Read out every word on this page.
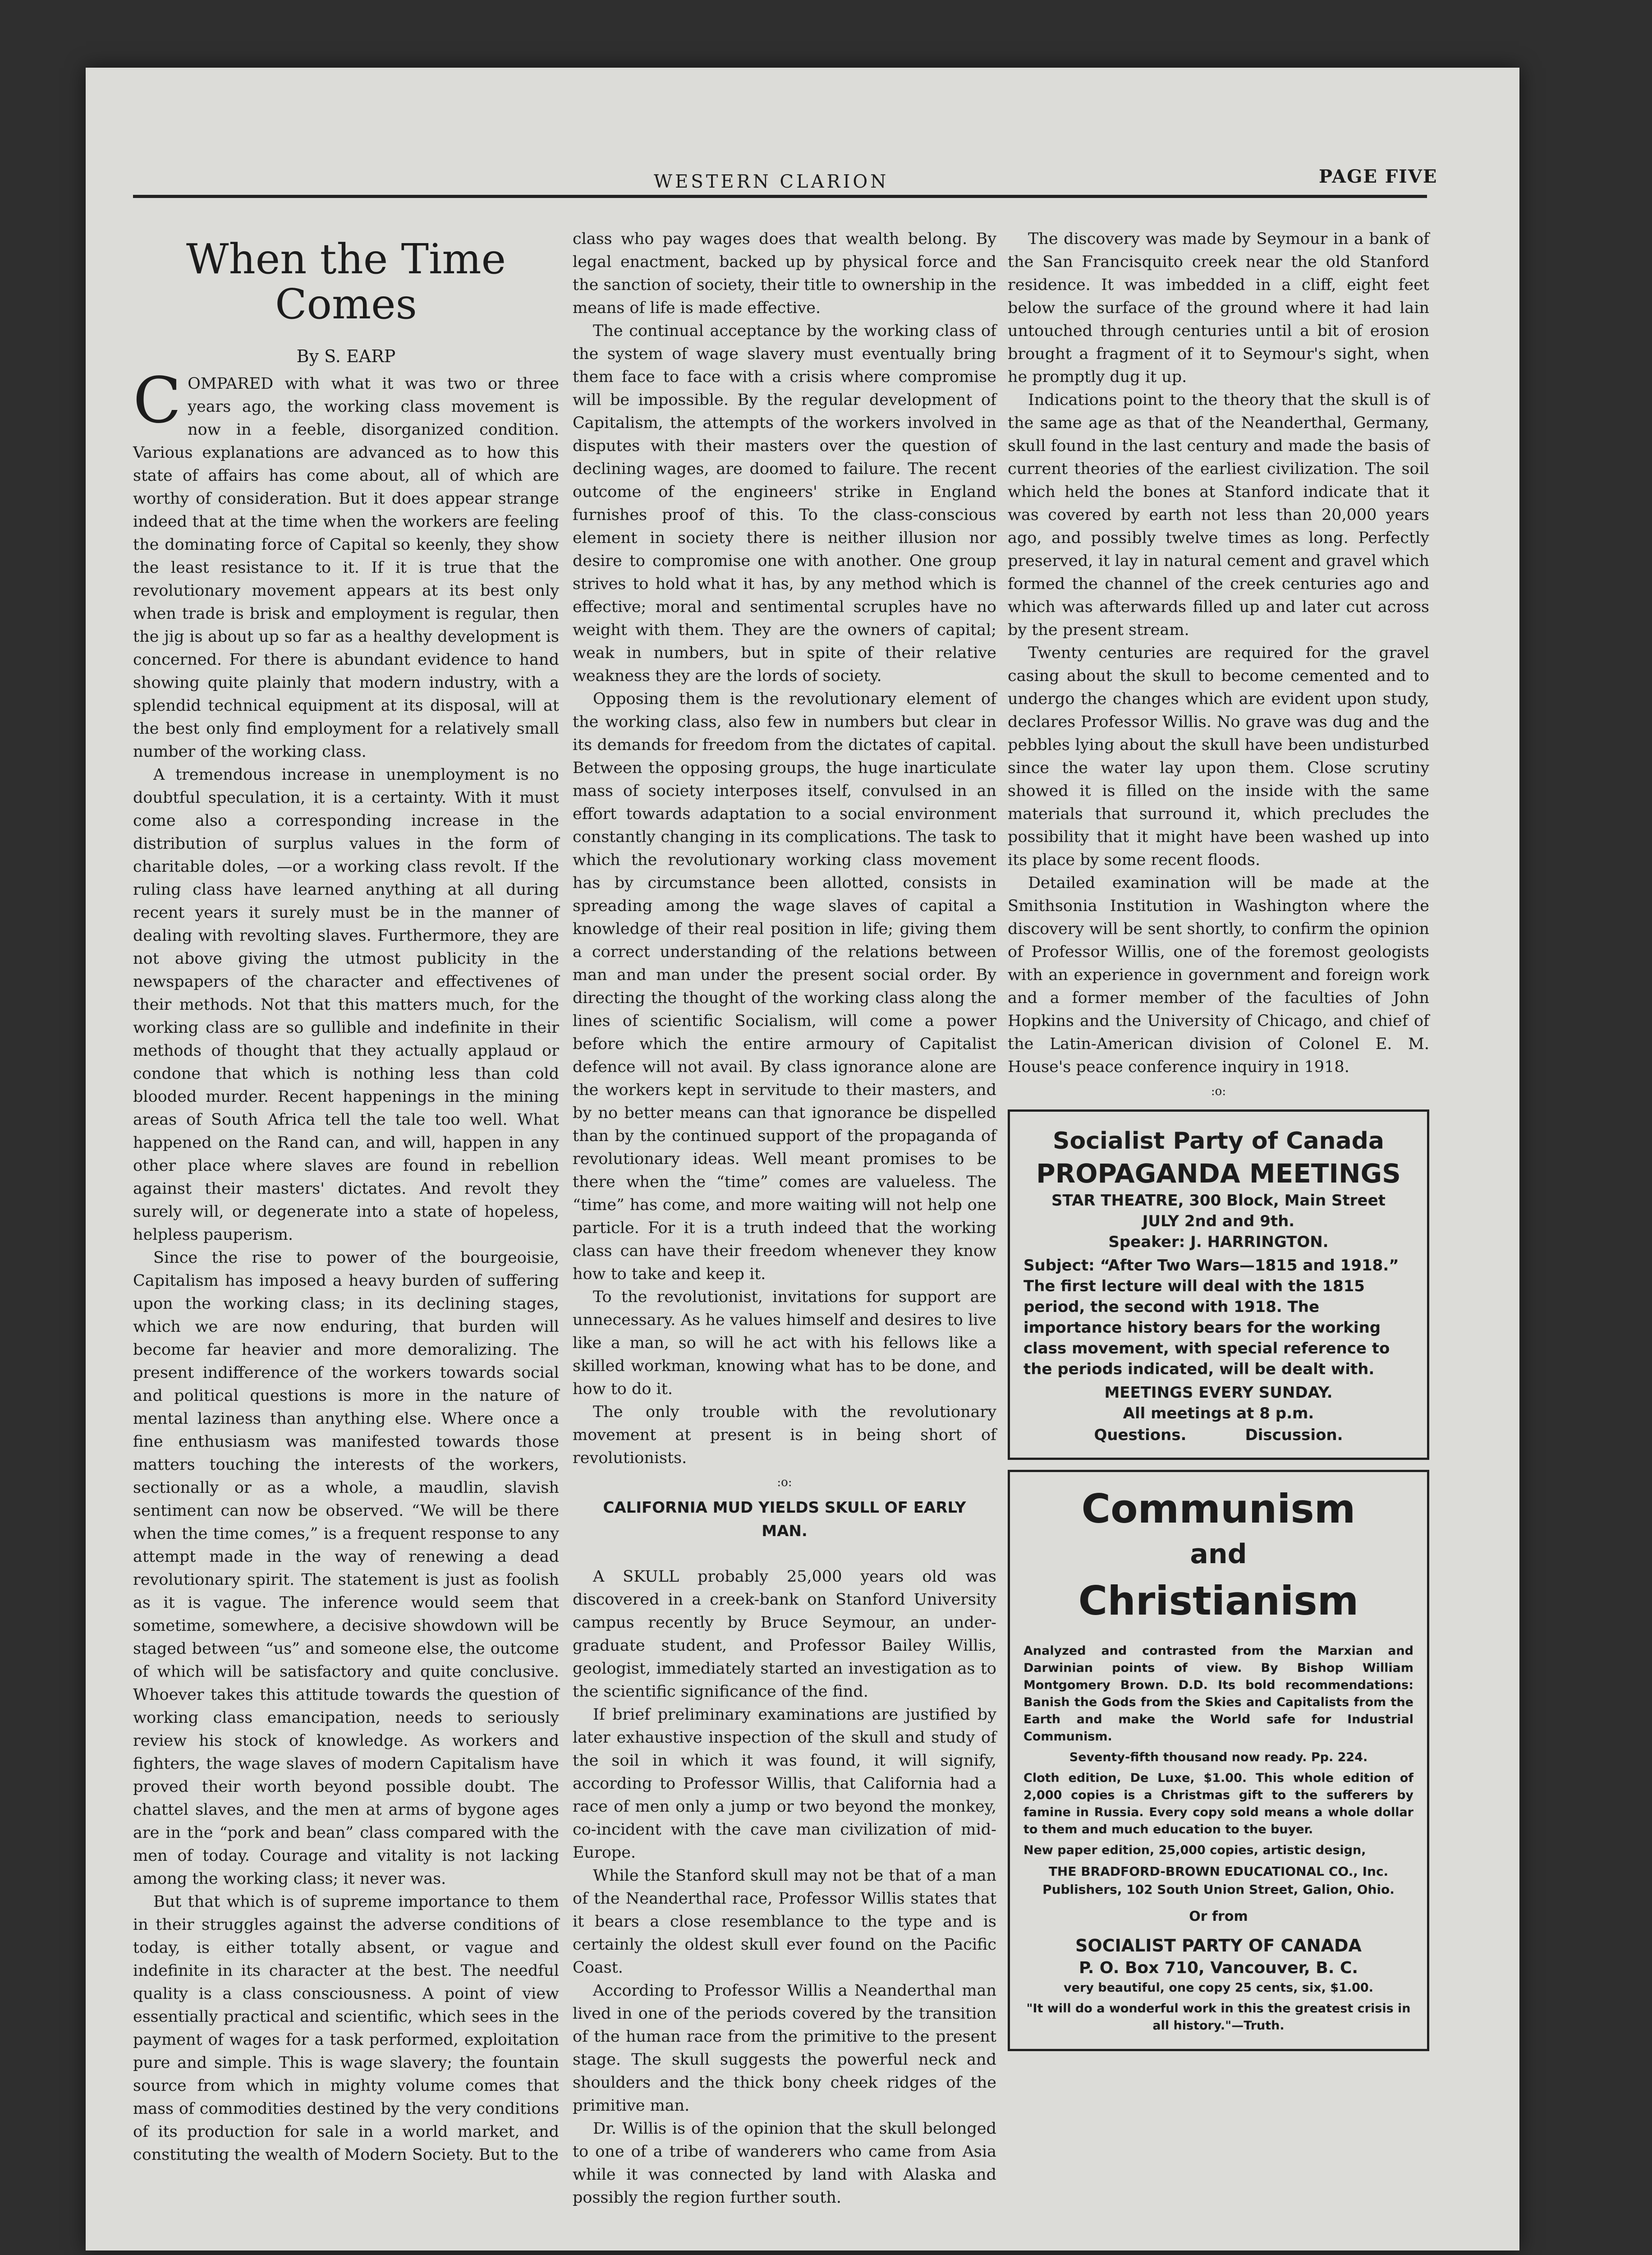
WESTERN CLARION	PAGE FIVE
When the Time
Comes
By S. EARP

COMPARED with what it was two or three years ago, the working class movement is now in a feeble, disorganized condition. Various explanations are advanced as to how this state of affairs has come about, all of which are worthy of consideration. But it does appear strange indeed that at the time when the workers are feeling the dominating force of Capital so keenly, they show the least resistance to it. If it is true that the revolutionary movement appears at its best only when trade is brisk and employment is regular, then the jig is about up so far as a healthy development is concerned. For there is abundant evidence to hand showing quite plainly that modern industry, with a splendid technical equipment at its disposal, will at the best only find employment for a relatively small number of the working class.

A tremendous increase in unemployment is no doubtful speculation, it is a certainty. With it must come also a corresponding increase in the distribution of surplus values in the form of charitable doles, —or a working class revolt. If the ruling class have learned anything at all during recent years it surely must be in the manner of dealing with revolting slaves. Furthermore, they are not above giving the utmost publicity in the newspapers of the character and effectivenes of their methods. Not that this matters much, for the working class are so gullible and indefinite in their methods of thought that they actually applaud or condone that which is nothing less than cold blooded murder. Recent happenings in the mining areas of South Africa tell the tale too well. What happened on the Rand can, and will, happen in any other place where slaves are found in rebellion against their masters' dictates. And revolt they surely will, or degenerate into a state of hopeless, helpless pauperism.

Since the rise to power of the bourgeoisie, Capitalism has imposed a heavy burden of suffering upon the working class; in its declining stages, which we are now enduring, that burden will become far heavier and more demoralizing. The present indifference of the workers towards social and political questions is more in the nature of mental laziness than anything else. Where once a fine enthusiasm was manifested towards those matters touching the interests of the workers, sectionally or as a whole, a maudlin, slavish sentiment can now be observed. “We will be there when the time comes,” is a frequent response to any attempt made in the way of renewing a dead revolutionary spirit. The statement is just as foolish as it is vague. The inference would seem that sometime, somewhere, a decisive showdown will be staged between “us” and someone else, the outcome of which will be satisfactory and quite conclusive. Whoever takes this attitude towards the question of working class emancipation, needs to seriously review his stock of knowledge. As workers and fighters, the wage slaves of modern Capitalism have proved their worth beyond possible doubt. The chattel slaves, and the men at arms of bygone ages are in the “pork and bean” class compared with the men of today. Courage and vitality is not lacking among the working class; it never was.

But that which is of supreme importance to them in their struggles against the adverse conditions of today, is either totally absent, or vague and indefinite in its character at the best. The needful quality is a class consciousness. A point of view essentially practical and scientific, which sees in the payment of wages for a task performed, exploitation pure and simple. This is wage slavery; the fountain source from which in mighty volume comes that mass of commodities destined by the very conditions of its production for sale in a world market, and constituting the wealth of Modern Society. But to the

class who pay wages does that wealth belong. By legal enactment, backed up by physical force and the sanction of society, their title to ownership in the means of life is made effective.

The continual acceptance by the working class of the system of wage slavery must eventually bring them face to face with a crisis where compromise will be impossible. By the regular development of Capitalism, the attempts of the workers involved in disputes with their masters over the question of declining wages, are doomed to failure. The recent outcome of the engineers' strike in England furnishes proof of this. To the class-conscious element in society there is neither illusion nor desire to compromise one with another. One group strives to hold what it has, by any method which is effective; moral and sentimental scruples have no weight with them. They are the owners of capital; weak in numbers, but in spite of their relative weakness they are the lords of society.

Opposing them is the revolutionary element of the working class, also few in numbers but clear in its demands for freedom from the dictates of capital. Between the opposing groups, the huge inarticulate mass of society interposes itself, convulsed in an effort towards adaptation to a social environment constantly changing in its complications. The task to which the revolutionary working class movement has by circumstance been allotted, consists in spreading among the wage slaves of capital a knowledge of their real position in life; giving them a correct understanding of the relations between man and man under the present social order. By directing the thought of the working class along the lines of scientific Socialism, will come a power before which the entire armoury of Capitalist defence will not avail. By class ignorance alone are the workers kept in servitude to their masters, and by no better means can that ignorance be dispelled than by the continued support of the propaganda of revolutionary ideas. Well meant promises to be there when the “time” comes are valueless. The “time” has come, and more waiting will not help one particle. For it is a truth indeed that the working class can have their freedom whenever they know how to take and keep it.

To the revolutionist, invitations for support are unnecessary. As he values himself and desires to live like a man, so will he act with his fellows like a skilled workman, knowing what has to be done, and how to do it.

The only trouble with the revolutionary movement at present is in being short of revolutionists.

:o:
CALIFORNIA MUD YIELDS SKULL OF EARLY MAN.

A SKULL probably 25,000 years old was discovered in a creek-bank on Stanford University campus recently by Bruce Seymour, an under-graduate student, and Professor Bailey Willis, geologist, immediately started an investigation as to the scientific significance of the find.

If brief preliminary examinations are justified by later exhaustive inspection of the skull and study of the soil in which it was found, it will signify, according to Professor Willis, that California had a race of men only a jump or two beyond the monkey, co-incident with the cave man civilization of mid-Europe.

While the Stanford skull may not be that of a man of the Neanderthal race, Professor Willis states that it bears a close resemblance to the type and is certainly the oldest skull ever found on the Pacific Coast.

According to Professor Willis a Neanderthal man lived in one of the periods covered by the transition of the human race from the primitive to the present stage. The skull suggests the powerful neck and shoulders and the thick bony cheek ridges of the primitive man.

Dr. Willis is of the opinion that the skull belonged to one of a tribe of wanderers who came from Asia while it was connected by land with Alaska and possibly the region further south.

The discovery was made by Seymour in a bank of the San Francisquito creek near the old Stanford residence. It was imbedded in a cliff, eight feet below the surface of the ground where it had lain untouched through centuries until a bit of erosion brought a fragment of it to Seymour's sight, when he promptly dug it up.

Indications point to the theory that the skull is of the same age as that of the Neanderthal, Germany, skull found in the last century and made the basis of current theories of the earliest civilization. The soil which held the bones at Stanford indicate that it was covered by earth not less than 20,000 years ago, and possibly twelve times as long. Perfectly preserved, it lay in natural cement and gravel which formed the channel of the creek centuries ago and which was afterwards filled up and later cut across by the present stream.

Twenty centuries are required for the gravel casing about the skull to become cemented and to undergo the changes which are evident upon study, declares Professor Willis. No grave was dug and the pebbles lying about the skull have been undisturbed since the water lay upon them. Close scrutiny showed it is filled on the inside with the same materials that surround it, which precludes the possibility that it might have been washed up into its place by some recent floods.

Detailed examination will be made at the Smithsonia Institution in Washington where the discovery will be sent shortly, to confirm the opinion of Professor Willis, one of the foremost geologists with an experience in government and foreign work and a former member of the faculties of John Hopkins and the University of Chicago, and chief of the Latin-American division of Colonel E. M. House's peace conference inquiry in 1918.

:o:
Socialist Party of Canada
PROPAGANDA MEETINGS
STAR THEATRE, 300 Block, Main Street
JULY 2nd and 9th.
Speaker: J. HARRINGTON.
Subject: “After Two Wars—1815 and 1918.” The first lecture will deal with the 1815 period, the second with 1918. The importance history bears for the working class movement, with special reference to the periods indicated, will be dealt with.
MEETINGS EVERY SUNDAY.
All meetings at 8 p.m.
Questions.	Discussion.
Communism
and
Christianism
Analyzed and contrasted from the Marxian and Darwinian points of view. By Bishop William Montgomery Brown. D.D. Its bold recommendations: Banish the Gods from the Skies and Capitalists from the Earth and make the World safe for Industrial Communism.
Seventy-fifth thousand now ready. Pp. 224.
Cloth edition, De Luxe, $1.00. This whole edition of 2,000 copies is a Christmas gift to the sufferers by famine in Russia. Every copy sold means a whole dollar to them and much education to the buyer.
New paper edition, 25,000 copies, artistic design,
THE BRADFORD-BROWN EDUCATIONAL CO., Inc.
Publishers, 102 South Union Street, Galion, Ohio.
Or from
SOCIALIST PARTY OF CANADA
P. O. Box 710, Vancouver, B. C.
very beautiful, one copy 25 cents, six, $1.00.
"It will do a wonderful work in this the greatest crisis in all history."—Truth.
